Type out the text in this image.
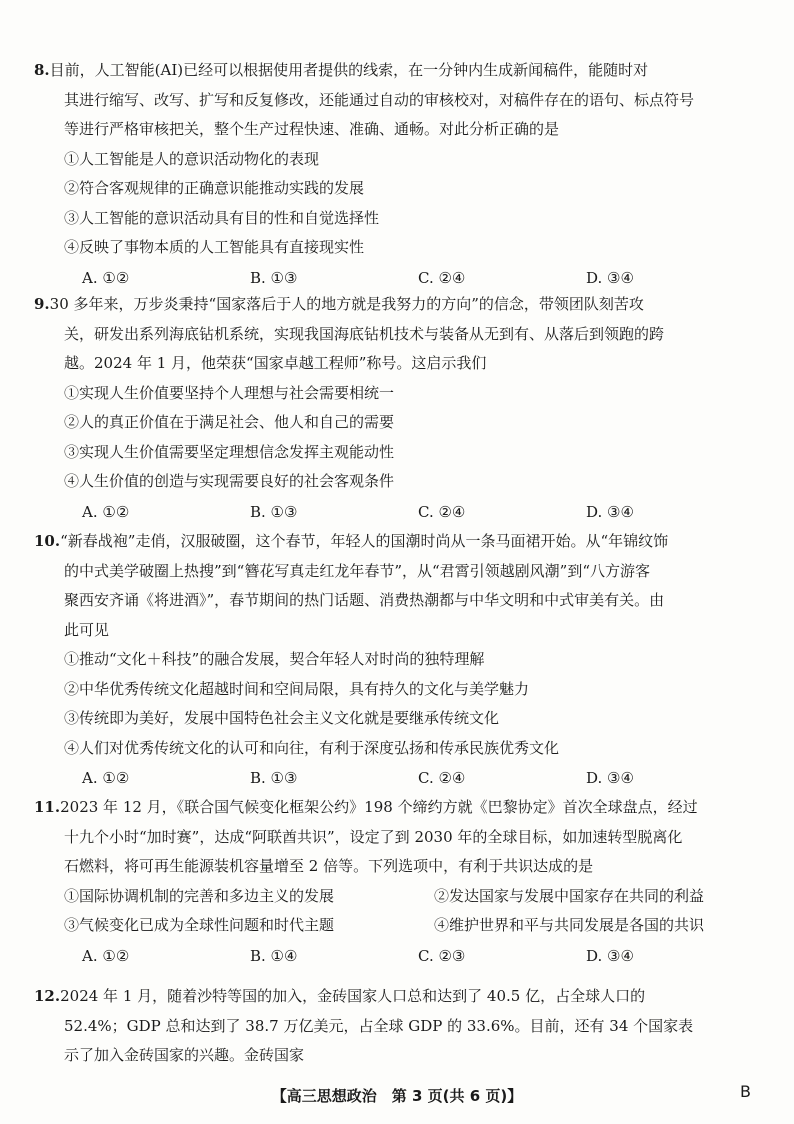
8.目前，人工智能(AI)已经可以根据使用者提供的线索，在一分钟内生成新闻稿件，能随时对
其进行缩写、改写、扩写和反复修改，还能通过自动的审核校对，对稿件存在的语句、标点符号
等进行严格审核把关，整个生产过程快速、准确、通畅。对此分析正确的是

①人工智能是人的意识活动物化的表现

②符合客观规律的正确意识能推动实践的发展

③人工智能的意识活动具有目的性和自觉选择性

④反映了事物本质的人工智能具有直接现实性

A. ①②	B. ①③	C. ②④	D. ③④

9.30 多年来，万步炎秉持“国家落后于人的地方就是我努力的方向”的信念，带领团队刻苦攻
关，研发出系列海底钻机系统，实现我国海底钻机技术与装备从无到有、从落后到领跑的跨
越。2024 年 1 月，他荣获“国家卓越工程师”称号。这启示我们

①实现人生价值要坚持个人理想与社会需要相统一

②人的真正价值在于满足社会、他人和自己的需要

③实现人生价值需要坚定理想信念发挥主观能动性

④人生价值的创造与实现需要良好的社会客观条件

A. ①②	B. ①③	C. ②④	D. ③④

10.“新春战袍”走俏，汉服破圈，这个春节，年轻人的国潮时尚从一条马面裙开始。从“年锦纹饰
的中式美学破圈上热搜”到“簪花写真走红龙年春节”，从“君霄引领越剧风潮”到“八方游客
聚西安齐诵《将进酒》”，春节期间的热门话题、消费热潮都与中华文明和中式审美有关。由
此可见

①推动“文化＋科技”的融合发展，契合年轻人对时尚的独特理解

②中华优秀传统文化超越时间和空间局限，具有持久的文化与美学魅力

③传统即为美好，发展中国特色社会主义文化就是要继承传统文化

④人们对优秀传统文化的认可和向往，有利于深度弘扬和传承民族优秀文化

A. ①②	B. ①③	C. ②④	D. ③④

11.2023 年 12 月，《联合国气候变化框架公约》198 个缔约方就《巴黎协定》首次全球盘点，经过
十九个小时“加时赛”，达成“阿联酋共识”，设定了到 2030 年的全球目标，如加速转型脱离化
石燃料，将可再生能源装机容量增至 2 倍等。下列选项中，有利于共识达成的是

①国际协调机制的完善和多边主义的发展	②发达国家与发展中国家存在共同的利益

③气候变化已成为全球性问题和时代主题	④维护世界和平与共同发展是各国的共识

A. ①②	B. ①④	C. ②③	D. ③④

12.2024 年 1 月，随着沙特等国的加入，金砖国家人口总和达到了 40.5 亿，占全球人口的
52.4%；GDP 总和达到了 38.7 万亿美元，占全球 GDP 的 33.6%。目前，还有 34 个国家表
示了加入金砖国家的兴趣。金砖国家

【高三思想政治　第 3 页(共 6 页)】	B
